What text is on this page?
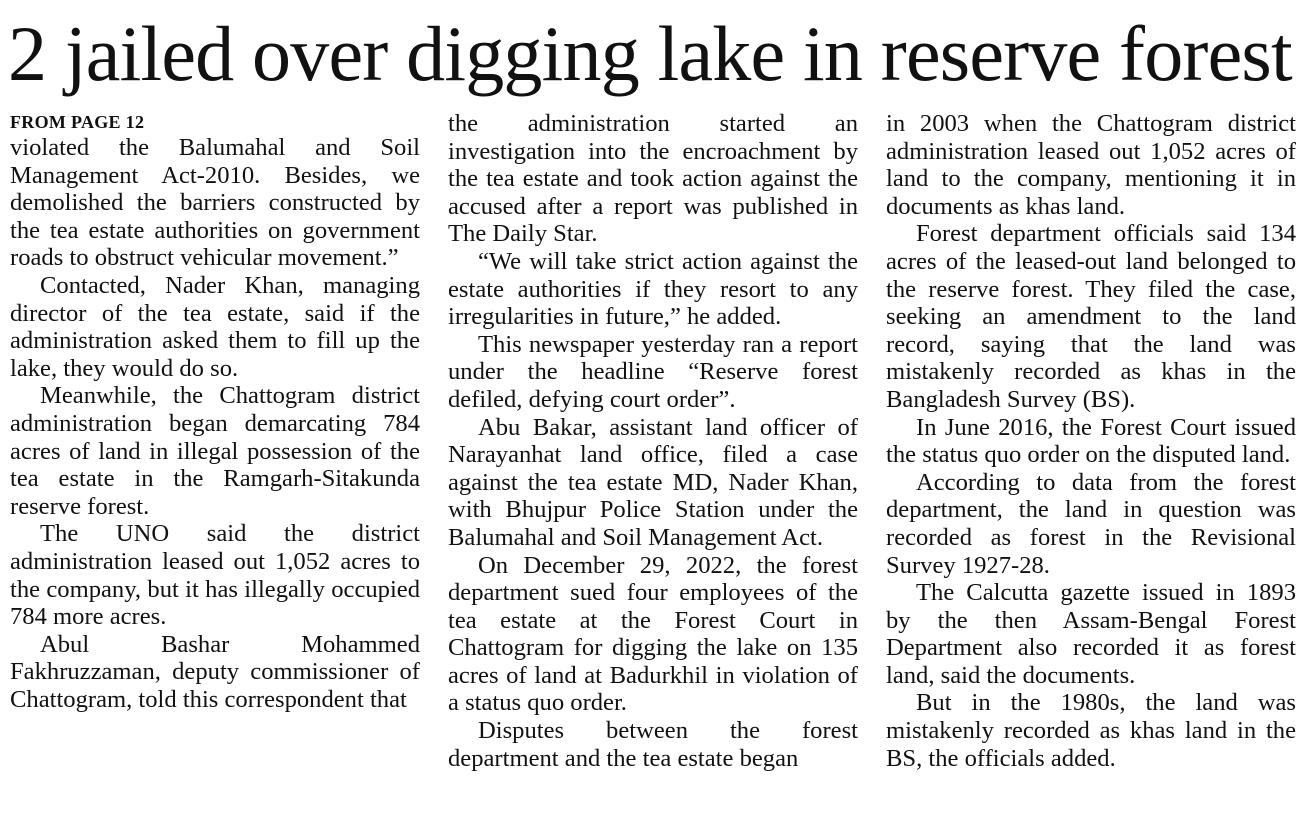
2 jailed over digging lake in reserve forest
FROM PAGE 12

violated the Balumahal and Soil Management Act-2010. Besides, we demolished the barriers constructed by the tea estate authorities on government roads to obstruct vehicular movement.”

Contacted, Nader Khan, managing director of the tea estate, said if the administration asked them to fill up the lake, they would do so.

Meanwhile, the Chattogram district administration began demarcating 784 acres of land in illegal possession of the tea estate in the Ramgarh-Sitakunda reserve forest.

The UNO said the district administration leased out 1,052 acres to the company, but it has illegally occupied 784 more acres.

Abul Bashar Mohammed Fakhruzzaman, deputy commissioner of Chattogram, told this correspondent that

the administration started an investigation into the encroachment by the tea estate and took action against the accused after a report was published in The Daily Star.

“We will take strict action against the estate authorities if they resort to any irregularities in future,” he added.

This newspaper yesterday ran a report under the headline “Reserve forest defiled, defying court order”.

Abu Bakar, assistant land officer of Narayanhat land office, filed a case against the tea estate MD, Nader Khan, with Bhujpur Police Station under the Balumahal and Soil Management Act.

On December 29, 2022, the forest department sued four employees of the tea estate at the Forest Court in Chattogram for digging the lake on 135 acres of land at Badurkhil in violation of a status quo order.

Disputes between the forest department and the tea estate began

in 2003 when the Chattogram district administration leased out 1,052 acres of land to the company, mentioning it in documents as khas land.

Forest department officials said 134 acres of the leased-out land belonged to the reserve forest. They filed the case, seeking an amendment to the land record, saying that the land was mistakenly recorded as khas in the Bangladesh Survey (BS).

In June 2016, the Forest Court issued the status quo order on the disputed land.

According to data from the forest department, the land in question was recorded as forest in the Revisional Survey 1927-28.

The Calcutta gazette issued in 1893 by the then Assam-Bengal Forest Department also recorded it as forest land, said the documents.

But in the 1980s, the land was mistakenly recorded as khas land in the BS, the officials added.
